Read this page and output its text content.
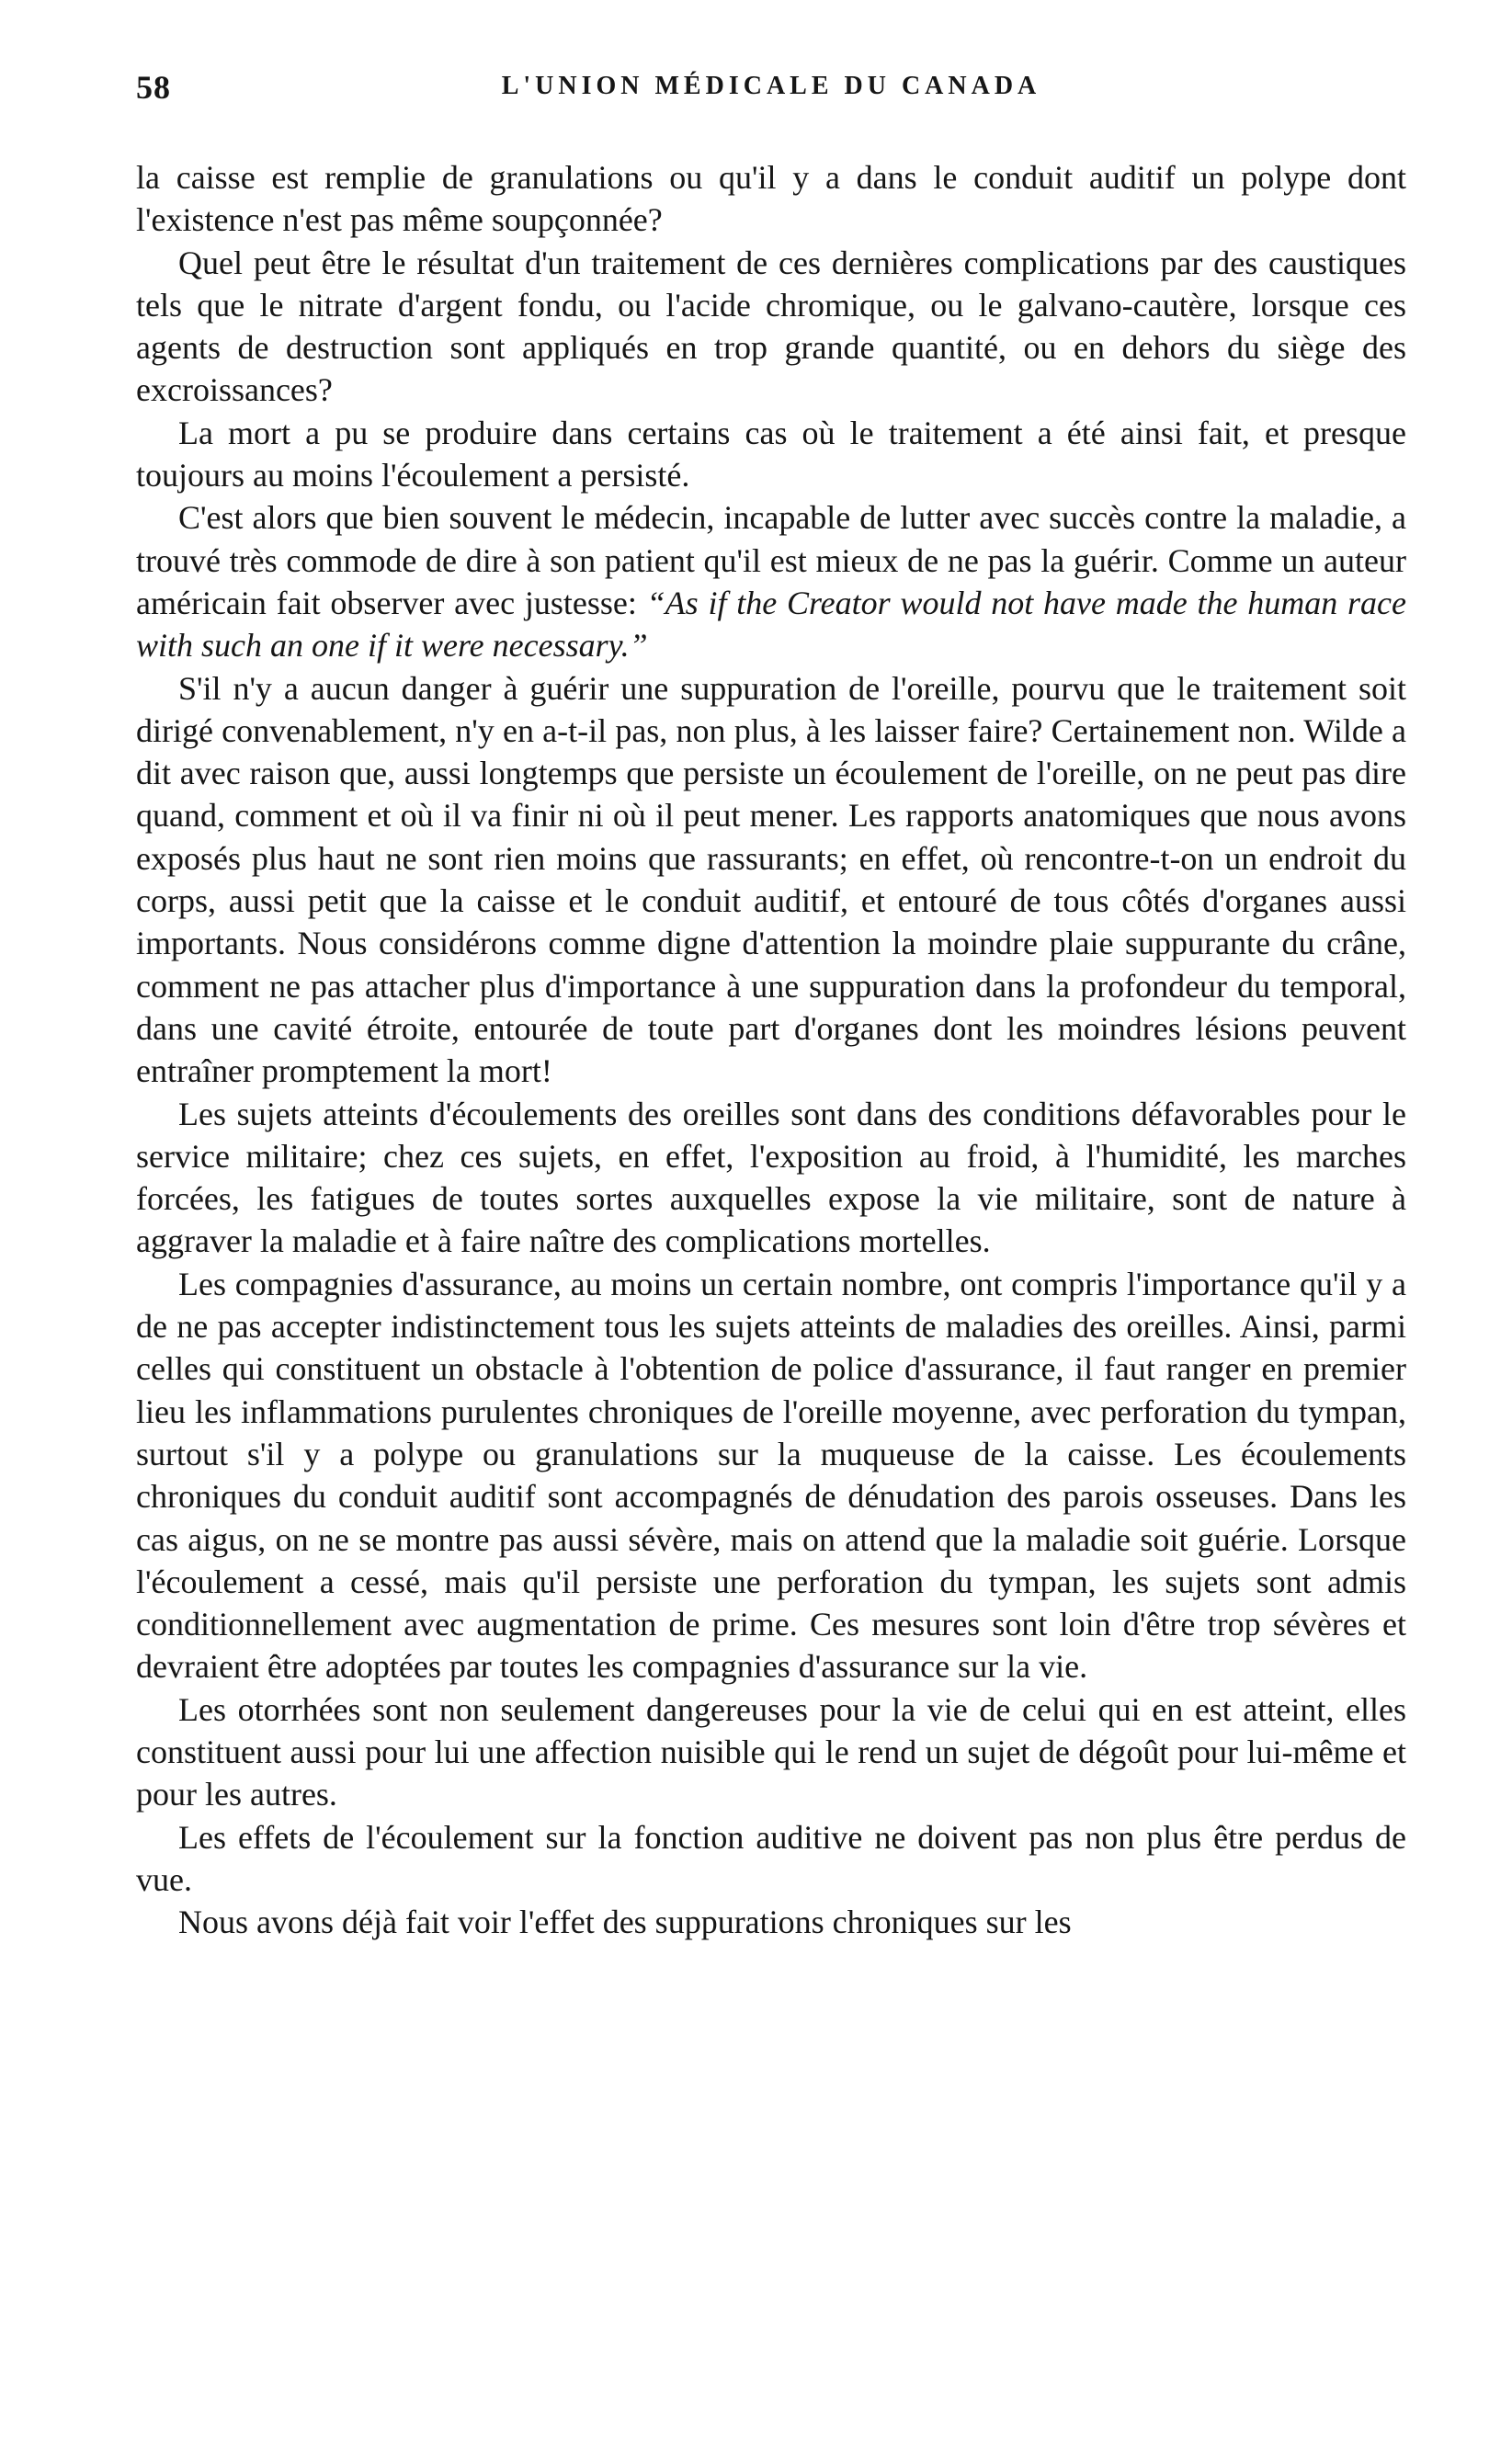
58	L'UNION MÉDICALE DU CANADA

la caisse est remplie de granulations ou qu'il y a dans le conduit auditif un polype dont l'existence n'est pas même soupçonnée?

Quel peut être le résultat d'un traitement de ces dernières complications par des caustiques tels que le nitrate d'argent fondu, ou l'acide chromique, ou le galvano-cautère, lorsque ces agents de destruction sont appliqués en trop grande quantité, ou en dehors du siège des excroissances?

La mort a pu se produire dans certains cas où le traitement a été ainsi fait, et presque toujours au moins l'écoulement a persisté.

C'est alors que bien souvent le médecin, incapable de lutter avec succès contre la maladie, a trouvé très commode de dire à son patient qu'il est mieux de ne pas la guérir. Comme un auteur américain fait observer avec justesse: “As if the Creator would not have made the human race with such an one if it were necessary.”

S'il n'y a aucun danger à guérir une suppuration de l'oreille, pourvu que le traitement soit dirigé convenablement, n'y en a-t-il pas, non plus, à les laisser faire? Certainement non. Wilde a dit avec raison que, aussi longtemps que persiste un écoulement de l'oreille, on ne peut pas dire quand, comment et où il va finir ni où il peut mener. Les rapports anatomiques que nous avons exposés plus haut ne sont rien moins que rassurants; en effet, où rencontre-t-on un endroit du corps, aussi petit que la caisse et le conduit auditif, et entouré de tous côtés d'organes aussi importants. Nous considérons comme digne d'attention la moindre plaie suppurante du crâne, comment ne pas attacher plus d'importance à une suppuration dans la profondeur du temporal, dans une cavité étroite, entourée de toute part d'organes dont les moindres lésions peuvent entraîner promptement la mort!

Les sujets atteints d'écoulements des oreilles sont dans des conditions défavorables pour le service militaire; chez ces sujets, en effet, l'exposition au froid, à l'humidité, les marches forcées, les fatigues de toutes sortes auxquelles expose la vie militaire, sont de nature à aggraver la maladie et à faire naître des complications mortelles.

Les compagnies d'assurance, au moins un certain nombre, ont compris l'importance qu'il y a de ne pas accepter indistinctement tous les sujets atteints de maladies des oreilles. Ainsi, parmi celles qui constituent un obstacle à l'obtention de police d'assurance, il faut ranger en premier lieu les inflammations purulentes chroniques de l'oreille moyenne, avec perforation du tympan, surtout s'il y a polype ou granulations sur la muqueuse de la caisse. Les écoulements chroniques du conduit auditif sont accompagnés de dénudation des parois osseuses. Dans les cas aigus, on ne se montre pas aussi sévère, mais on attend que la maladie soit guérie. Lorsque l'écoulement a cessé, mais qu'il persiste une perforation du tympan, les sujets sont admis conditionnellement avec augmentation de prime. Ces mesures sont loin d'être trop sévères et devraient être adoptées par toutes les compagnies d'assurance sur la vie.

Les otorrhées sont non seulement dangereuses pour la vie de celui qui en est atteint, elles constituent aussi pour lui une affection nuisible qui le rend un sujet de dégoût pour lui-même et pour les autres.

Les effets de l'écoulement sur la fonction auditive ne doivent pas non plus être perdus de vue.

Nous avons déjà fait voir l'effet des suppurations chroniques sur les
